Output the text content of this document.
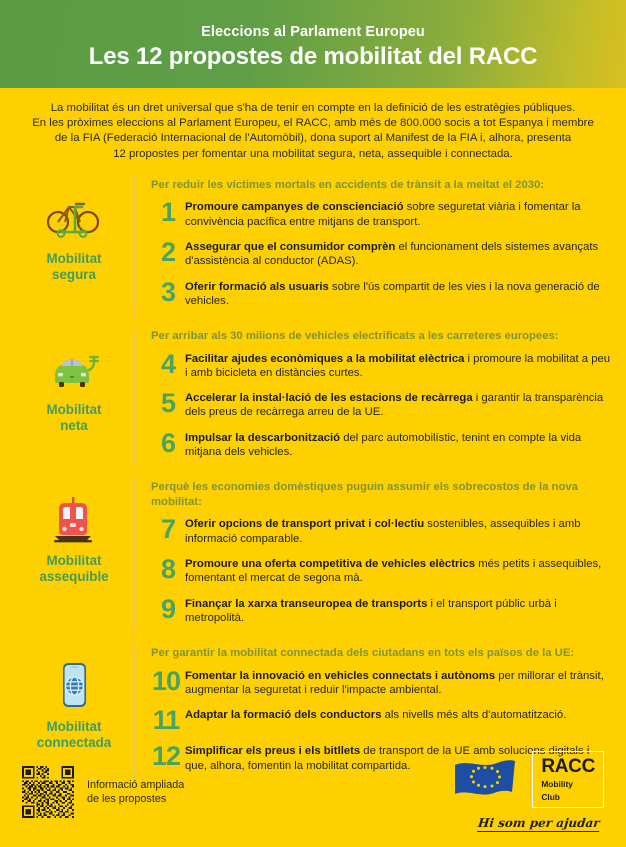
Eleccions al Parlament Europeu
Les 12 propostes de mobilitat del RACC
La mobilitat és un dret universal que s'ha de tenir en compte en la definició de les estratègies públiques.
En les pròximes eleccions al Parlament Europeu, el RACC, amb més de 800.000 socis a tot Espanya i membre
de la FIA (Federació Internacional de l'Automòbil), dona suport al Manifest de la FIA i, alhora, presenta
12 propostes per fomentar una mobilitat segura, neta, assequible i connectada.
Mobilitat
segura
Per reduir les víctimes mortals en accidents de trànsit a la meitat el 2030:
1 Promoure campanyes de conscienciació sobre seguretat viària i fomentar la convivència pacífica entre mitjans de transport.
2 Assegurar que el consumidor comprèn el funcionament dels sistemes avançats d'assistència al conductor (ADAS).
3 Oferir formació als usuaris sobre l'ús compartit de les vies i la nova generació de vehicles.
Mobilitat
neta
Per arribar als 30 milions de vehicles electrificats a les carreteres europees:
4 Facilitar ajudes econòmiques a la mobilitat elèctrica i promoure la mobilitat a peu i amb bicicleta en distàncies curtes.
5 Accelerar la instal·lació de les estacions de recàrrega i garantir la transparència dels preus de recàrrega arreu de la UE.
6 Impulsar la descarbonització del parc automobilístic, tenint en compte la vida mitjana dels vehicles.
Mobilitat
assequible
Perquè les economies domèstiques puguin assumir els sobrecostos de la nova mobilitat:
7 Oferir opcions de transport privat i col·lectiu sostenibles, assequibles i amb informació comparable.
8 Promoure una oferta competitiva de vehicles elèctrics més petits i assequibles, fomentant el mercat de segona mà.
9 Finançar la xarxa transeuropea de transports i el transport públic urbà i metropolità.
Mobilitat
connectada
Per garantir la mobilitat connectada dels ciutadans en tots els països de la UE:
10 Fomentar la innovació en vehicles connectats i autònoms per millorar el trànsit, augmentar la seguretat i reduir l'impacte ambiental.
11 Adaptar la formació dels conductors als nivells més alts d'automatització.
12 Simplificar els preus i els bitllets de transport de la UE amb solucions digitals i que, alhora, fomentin la mobilitat compartida.
Informació ampliada
de les propostes
RACC
Mobility
Club
Hi som per ajudar
